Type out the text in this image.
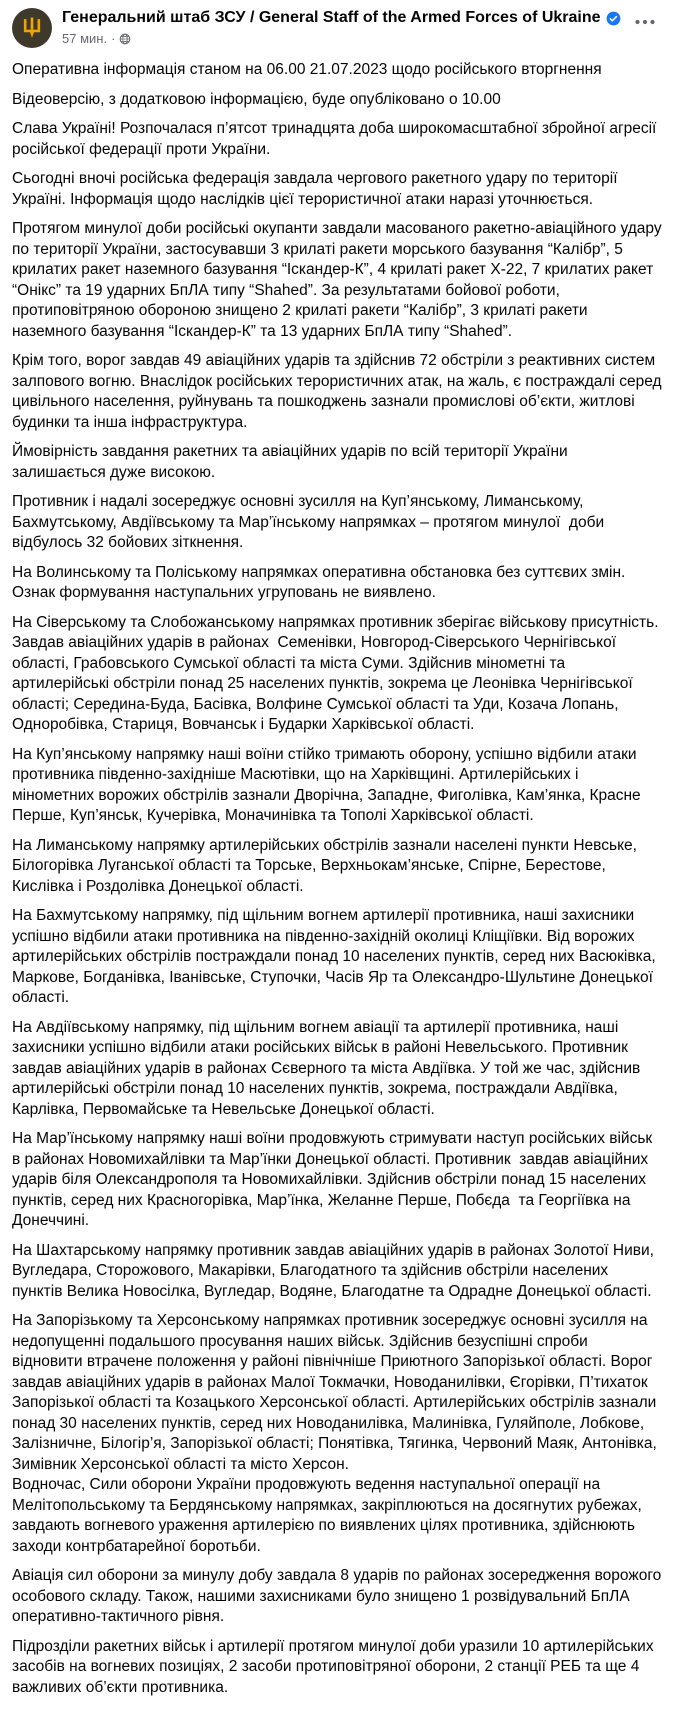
Генеральний штаб ЗСУ / General Staff of the Armed Forces of Ukraine
57 мин. ·
Оперативна інформація станом на 06.00 21.07.2023 щодо російського вторгнення
Відеоверсію, з додатковою інформацією, буде опубліковано о 10.00
Слава Україні! Розпочалася п’ятсот тринадцята доба широкомасштабної збройної агресії російської федерації проти України.
Сьогодні вночі російська федерація завдала чергового ракетного удару по території Україні. Інформація щодо наслідків цієї терористичної атаки наразі уточнюється.
Протягом минулої доби російські окупанти завдали масованого ракетно-авіаційного удару по території України, застосувавши 3 крилаті ракети морського базування “Калібр”, 5 крилатих ракет наземного базування “Іскандер-К”, 4 крилаті ракет Х-22, 7 крилатих ракет “Онікс” та 19 ударних БпЛА типу “Shahed”. За результатами бойової роботи, протиповітряною обороною знищено 2 крилаті ракети “Калібр”, 3 крилаті ракети наземного базування “Іскандер-К” та 13 ударних БпЛА типу “Shahed”.
Крім того, ворог завдав 49 авіаційних ударів та здійснив 72 обстріли з реактивних систем залпового вогню. Внаслідок російських терористичних атак, на жаль, є постраждалі серед цивільного населення, руйнувань та пошкоджень зазнали промислові об’єкти, житлові будинки та інша інфраструктура.
Ймовірність завдання ракетних та авіаційних ударів по всій території України залишається дуже високою.
Противник і надалі зосереджує основні зусилля на Куп’янському, Лиманському, Бахмутському, Авдіївському та Мар’їнському напрямках – протягом минулої  доби відбулось 32 бойових зіткнення.
На Волинському та Поліському напрямках оперативна обстановка без суттєвих змін. Ознак формування наступальних угруповань не виявлено.
На Сіверському та Слобожанському напрямках противник зберігає військову присутність. Завдав авіаційних ударів в районах  Семенівки, Новгород-Сіверського Чернігівської області, Грабовського Сумської області та міста Суми. Здійснив мінометні та артилерійські обстріли понад 25 населених пунктів, зокрема це Леонівка Чернігівської області; Середина-Буда, Басівка, Волфине Сумської області та Уди, Козача Лопань, Одноробівка, Стариця, Вовчанськ і Бударки Харківської області.
На Куп’янському напрямку наші воїни стійко тримають оборону, успішно відбили атаки противника південно-західніше Масютівки, що на Харківщині. Артилерійських і мінометних ворожих обстрілів зазнали Дворічна, Западне, Фиголівка, Кам’янка, Красне Перше, Куп’янськ, Кучерівка, Моначинівка та Тополі Харківської області.
На Лиманському напрямку артилерійських обстрілів зазнали населені пункти Невське, Білогорівка Луганської області та Торське, Верхньокам’янське, Спірне, Берестове, Кислівка і Роздолівка Донецької області.
На Бахмутському напрямку, під щільним вогнем артилерії противника, наші захисники успішно відбили атаки противника на південно-західній околиці Кліщіївки. Від ворожих артилерійських обстрілів постраждали понад 10 населених пунктів, серед них Васюківка, Маркове, Богданівка, Іванівське, Ступочки, Часів Яр та Олександро-Шультине Донецької області.
На Авдіївському напрямку, під щільним вогнем авіації та артилерії противника, наші захисники успішно відбили атаки російських військ в районі Невельського. Противник завдав авіаційних ударів в районах Сєверного та міста Авдіївка. У той же час, здійснив артилерійські обстріли понад 10 населених пунктів, зокрема, постраждали Авдіївка, Карлівка, Первомайське та Невельське Донецької області.
На Мар’їнському напрямку наші воїни продовжують стримувати наступ російських військ в районах Новомихайлівки та Мар’їнки Донецької області. Противник  завдав авіаційних ударів біля Олександрополя та Новомихайлівки. Здійснив обстріли понад 15 населених пунктів, серед них Красногорівка, Мар’їнка, Желанне Перше, Побєда  та Георгіївка на Донеччині.
На Шахтарському напрямку противник завдав авіаційних ударів в районах Золотої Ниви, Вугледара, Сторожового, Макарівки, Благодатного та здійснив обстріли населених пунктів Велика Новосілка, Вугледар, Водяне, Благодатне та Одрадне Донецької області.
На Запорізькому та Херсонському напрямках противник зосереджує основні зусилля на недопущенні подальшого просування наших військ. Здійснив безуспішні спроби відновити втрачене положення у районі північніше Приютного Запорізької області. Ворог завдав авіаційних ударів в районах Малої Токмачки, Новоданилівки, Єгорівки, П’тихаток Запорізької області та Козацького Херсонської області. Артилерійських обстрілів зазнали понад 30 населених пунктів, серед них Новоданилівка, Малинівка, Гуляйполе, Лобкове,  Залізничне, Білогір’я, Запорізької області; Понятівка, Тягинка, Червоний Маяк, Антонівка, Зимівник Херсонської області та місто Херсон.
Водночас, Сили оборони України продовжують ведення наступальної операції на Мелітопольському та Бердянському напрямках, закріплюються на досягнутих рубежах, завдають вогневого ураження артилерією по виявлених цілях противника, здійснюють заходи контрбатарейної боротьби.
Авіація сил оборони за минулу добу завдала 8 ударів по районах зосередження ворожого особового складу. Також, нашими захисниками було знищено 1 розвідувальний БпЛА оперативно-тактичного рівня.
Підрозділи ракетних військ і артилерії протягом минулої доби уразили 10 артилерійських засобів на вогневих позиціях, 2 засоби протиповітряної оборони, 2 станції РЕБ та ще 4 важливих об’єкти противника.
